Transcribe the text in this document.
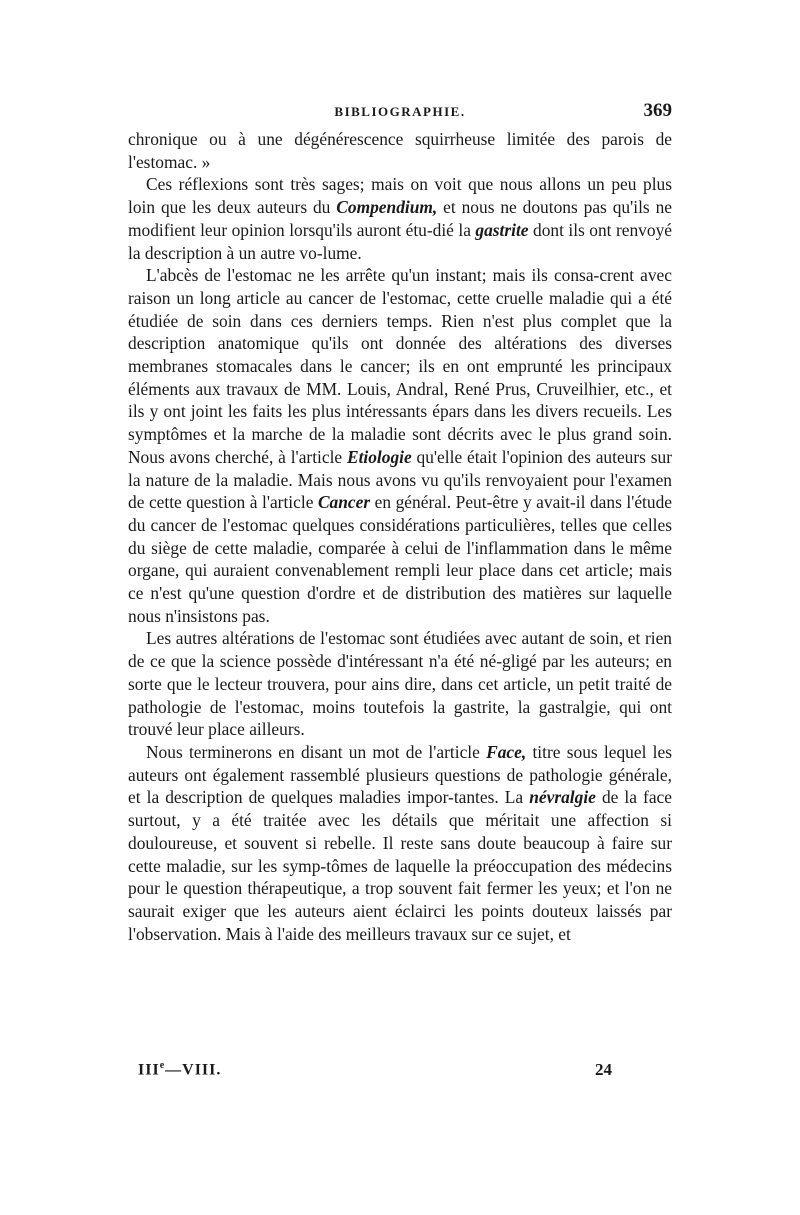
BIBLIOGRAPHIE.	369

chronique ou à une dégénérescence squirrheuse limitée des parois de l'estomac. »

Ces réflexions sont très sages; mais on voit que nous allons un peu plus loin que les deux auteurs du Compendium, et nous ne doutons pas qu'ils ne modifient leur opinion lorsqu'ils auront étu-dié la gastrite dont ils ont renvoyé la description à un autre vo-lume.

L'abcès de l'estomac ne les arrête qu'un instant; mais ils consa-crent avec raison un long article au cancer de l'estomac, cette cruelle maladie qui a été étudiée de soin dans ces derniers temps. Rien n'est plus complet que la description anatomique qu'ils ont donnée des altérations des diverses membranes stomacales dans le cancer; ils en ont emprunté les principaux éléments aux travaux de MM. Louis, Andral, René Prus, Cruveilhier, etc., et ils y ont joint les faits les plus intéressants épars dans les divers recueils. Les symptômes et la marche de la maladie sont décrits avec le plus grand soin. Nous avons cherché, à l'article Etiologie qu'elle était l'opinion des auteurs sur la nature de la maladie. Mais nous avons vu qu'ils renvoyaient pour l'examen de cette question à l'article Cancer en général. Peut-être y avait-il dans l'étude du cancer de l'estomac quelques considérations particulières, telles que celles du siège de cette maladie, comparée à celui de l'inflammation dans le même organe, qui auraient convenablement rempli leur place dans cet article; mais ce n'est qu'une question d'ordre et de distribution des matières sur laquelle nous n'insistons pas.

Les autres altérations de l'estomac sont étudiées avec autant de soin, et rien de ce que la science possède d'intéressant n'a été né-gligé par les auteurs; en sorte que le lecteur trouvera, pour ains dire, dans cet article, un petit traité de pathologie de l'estomac, moins toutefois la gastrite, la gastralgie, qui ont trouvé leur place ailleurs.

Nous terminerons en disant un mot de l'article Face, titre sous lequel les auteurs ont également rassemblé plusieurs questions de pathologie générale, et la description de quelques maladies impor-tantes. La névralgie de la face surtout, y a été traitée avec les détails que méritait une affection si douloureuse, et souvent si rebelle. Il reste sans doute beaucoup à faire sur cette maladie, sur les symp-tômes de laquelle la préoccupation des médecins pour le question thérapeutique, a trop souvent fait fermer les yeux; et l'on ne saurait exiger que les auteurs aient éclairci les points douteux laissés par l'observation. Mais à l'aide des meilleurs travaux sur ce sujet, et

IIIe—VIII.	24
